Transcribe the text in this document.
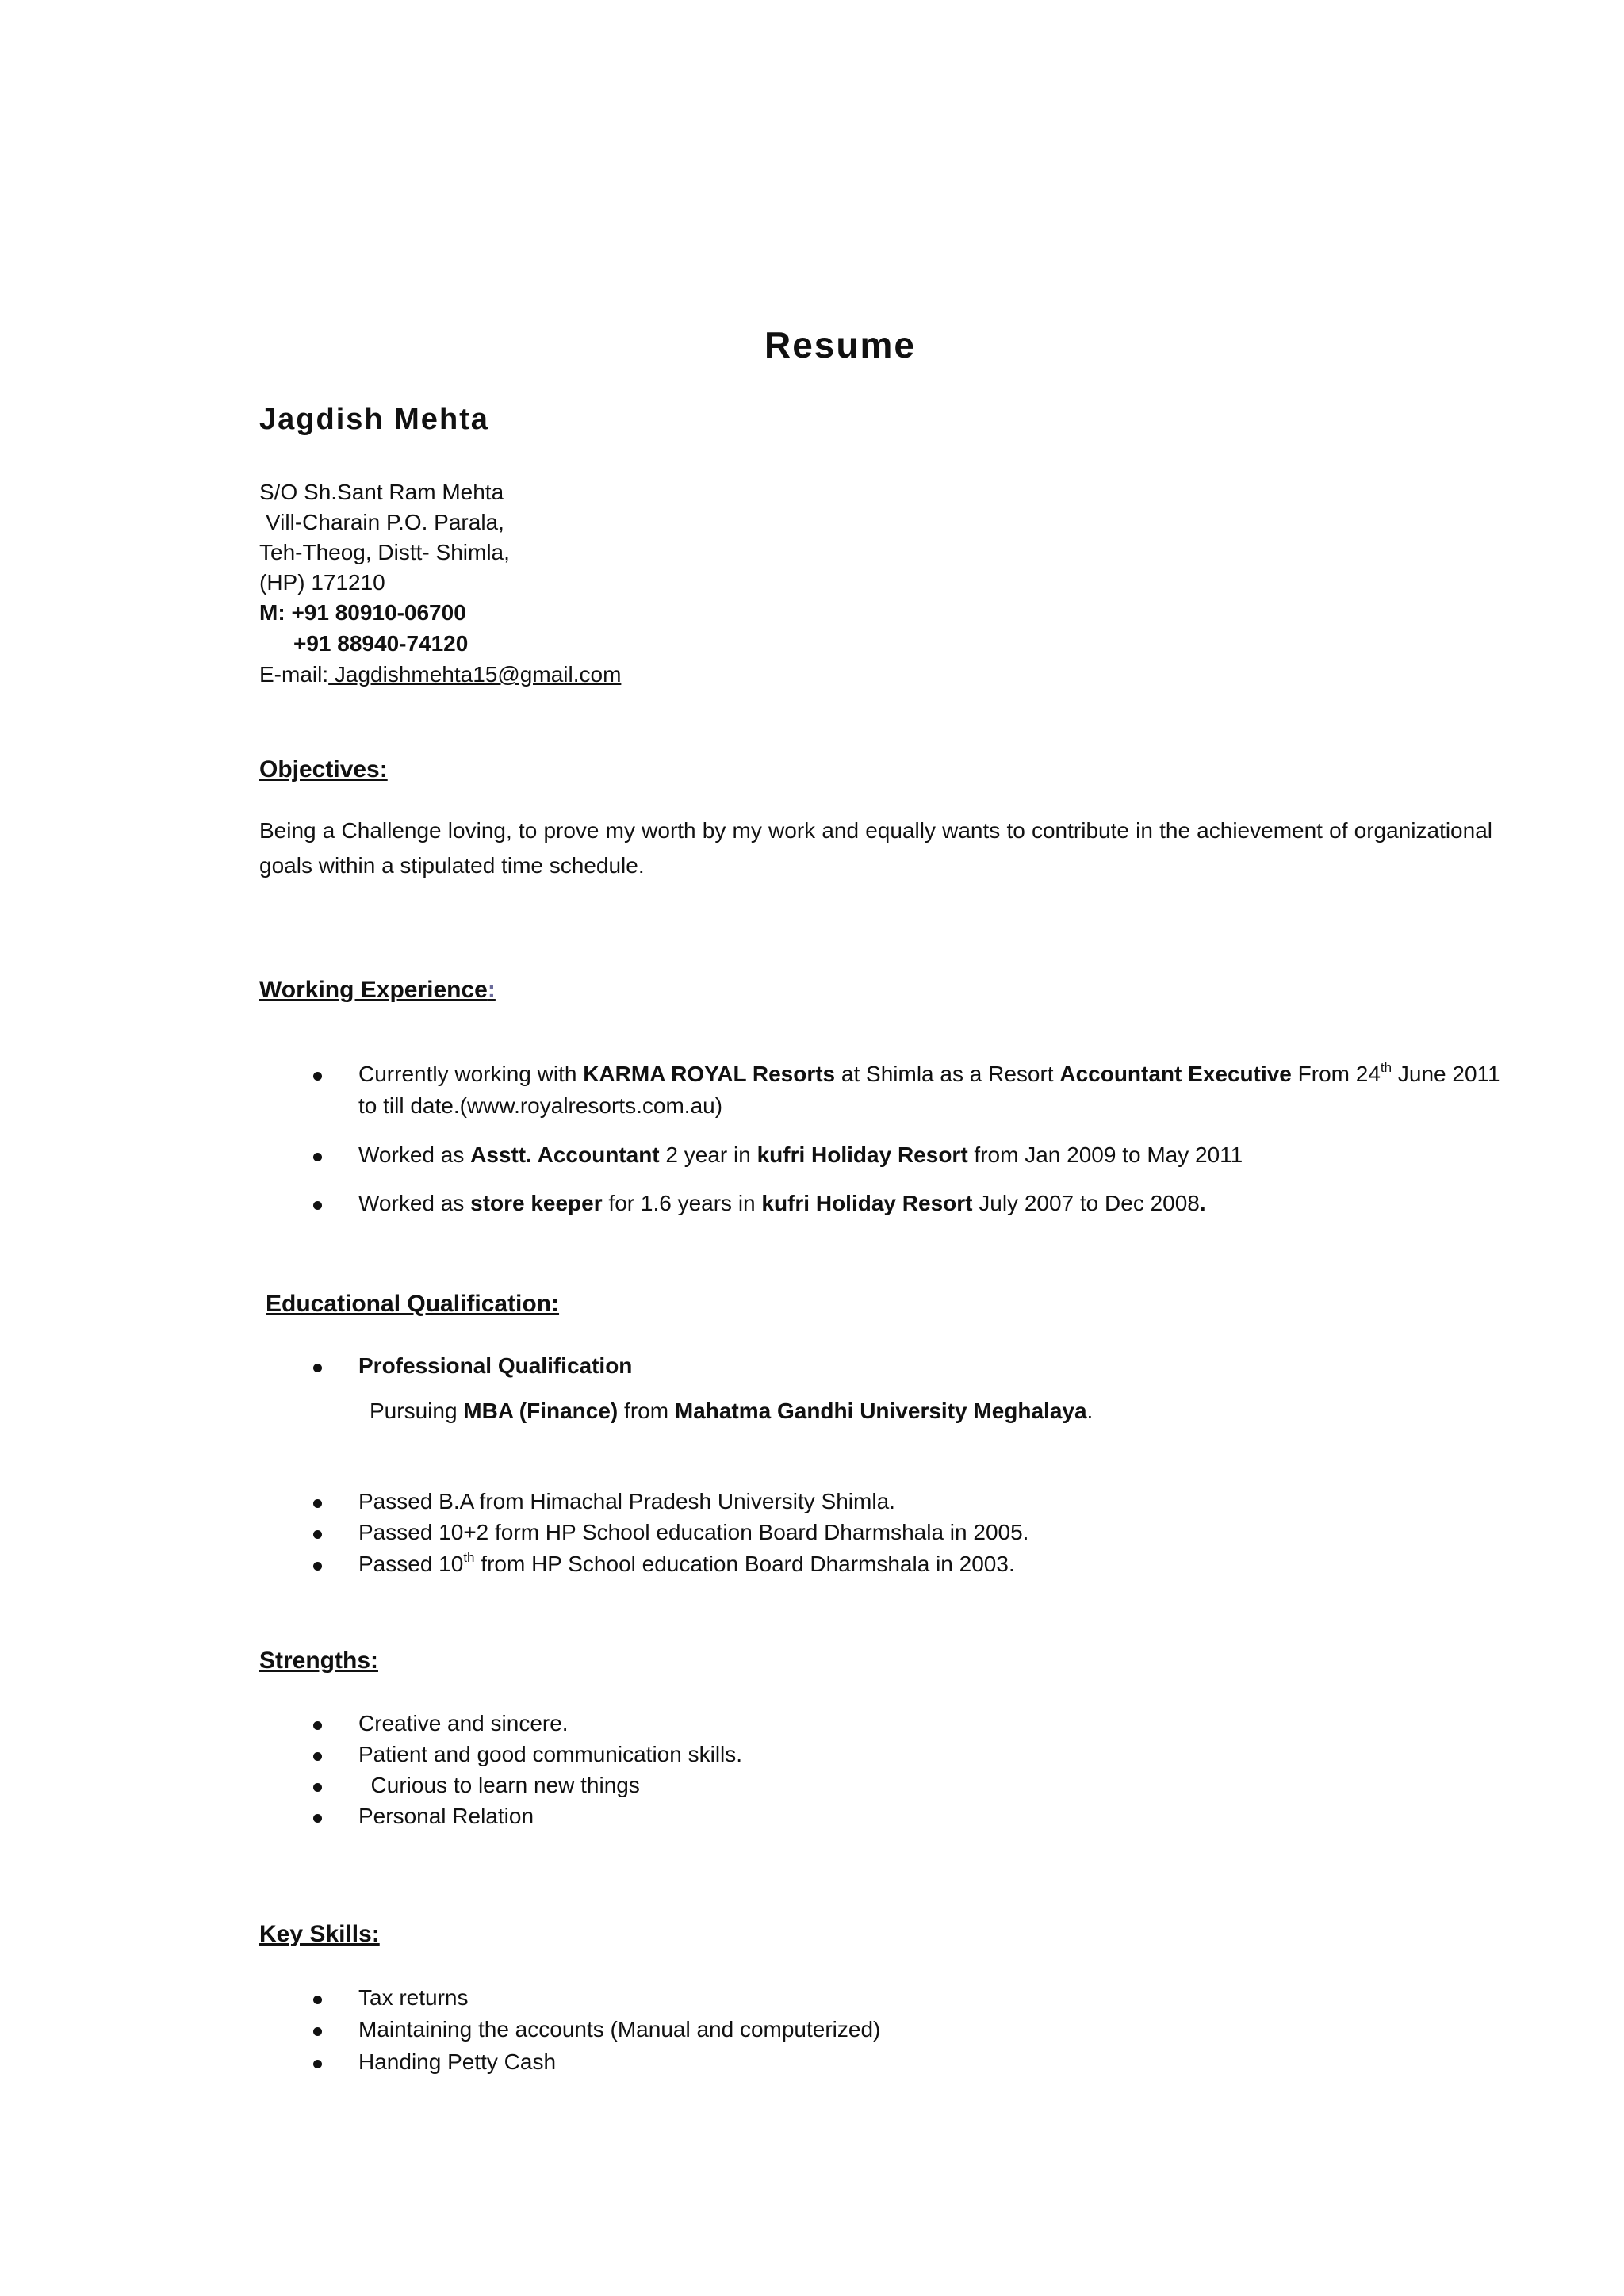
Resume
Jagdish Mehta
S/O Sh.Sant Ram Mehta
Vill-Charain P.O. Parala,
Teh-Theog, Distt- Shimla,
(HP) 171210
M: +91 80910-06700
+91 88940-74120
E-mail: Jagdishmehta15@gmail.com
Objectives:
Being a Challenge loving, to prove my worth by my work and equally wants to contribute in the achievement of organizational goals within a stipulated time schedule.
Working Experience:
Currently working with KARMA ROYAL Resorts at Shimla as a Resort Accountant Executive From 24th June 2011
to till date.(www.royalresorts.com.au)
Worked as Asstt. Accountant 2 year in kufri Holiday Resort from Jan 2009 to May 2011
Worked as store keeper for 1.6 years in kufri Holiday Resort July 2007 to Dec 2008.
Educational Qualification:
Professional Qualification
Pursuing MBA (Finance) from Mahatma Gandhi University Meghalaya.
Passed B.A from Himachal Pradesh University Shimla.
Passed 10+2 form HP School education Board Dharmshala in 2005.
Passed 10th from HP School education Board Dharmshala in 2003.
Strengths:
Creative and sincere.
Patient and good communication skills.
Curious to learn new things
Personal Relation
Key Skills:
Tax returns
Maintaining the accounts (Manual and computerized)
Handing Petty Cash
